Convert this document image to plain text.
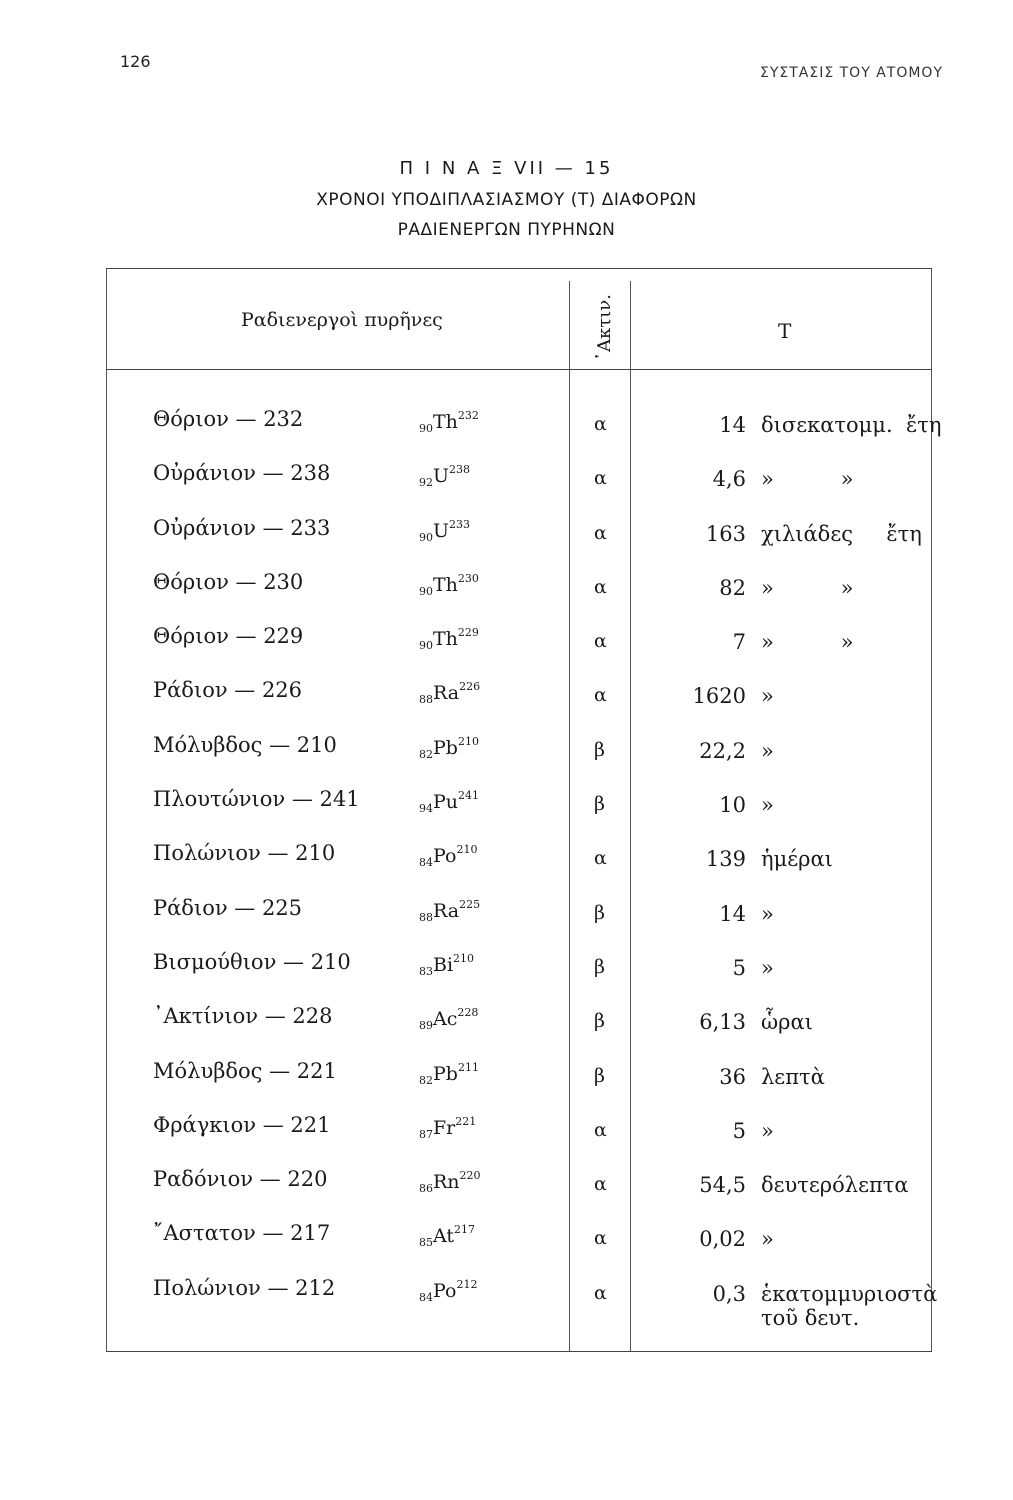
126
ΣΥΣΤΑΣΙΣ ΤΟΥ ΑΤΟΜΟΥ
Π Ι Ν Α Ξ VII — 15
ΧΡΟΝΟΙ ΥΠΟΔΙΠΛΑΣΙΑΣΜΟΥ (Τ) ΔΙΑΦΟΡΩΝ
ΡΑΔΙΕΝΕΡΓΩΝ ΠΥΡΗΝΩΝ
Ραδιενεργοὶ πυρῆνες	᾿Ακτιν.	Τ
Θόριον — 232	$_{90}Th^{232}$	α	14 δισεκατομμ.  ἔτη
Οὐράνιον — 238	$_{92}U^{238}$	α	4,6 »          »
Οὐράνιον — 233	$_{90}U^{233}$	α	163 χιλιάδες     ἔτη
Θόριον — 230	$_{90}Th^{230}$	α	82 »          »
Θόριον — 229	$_{90}Th^{229}$	α	7 »          »
Ράδιον — 226	$_{88}Ra^{226}$	α	1620 »
Μόλυβδος — 210	$_{82}Pb^{210}$	β	22,2 »
Πλουτώνιον — 241	$_{94}Pu^{241}$	β	10 »
Πολώνιον — 210	$_{84}Po^{210}$	α	139 ἡμέραι
Ράδιον — 225	$_{88}Ra^{225}$	β	14 »
Βισμούθιον — 210	$_{83}Bi^{210}$	β	5 »
᾿Ακτίνιον — 228	$_{89}Ac^{228}$	β	6,13 ὧραι
Μόλυβδος — 221	$_{82}Pb^{211}$	β	36 λεπτὰ
Φράγκιον — 221	$_{87}Fr^{221}$	α	5 »
Ραδόνιον — 220	$_{86}Rn^{220}$	α	54,5 δευτερόλεπτα
῎Αστατον — 217	$_{85}At^{217}$	α	0,02 »
Πολώνιον — 212	$_{84}Po^{212}$	α	0,3 ἑκατομμυριοστὰ
τοῦ δευτ.
